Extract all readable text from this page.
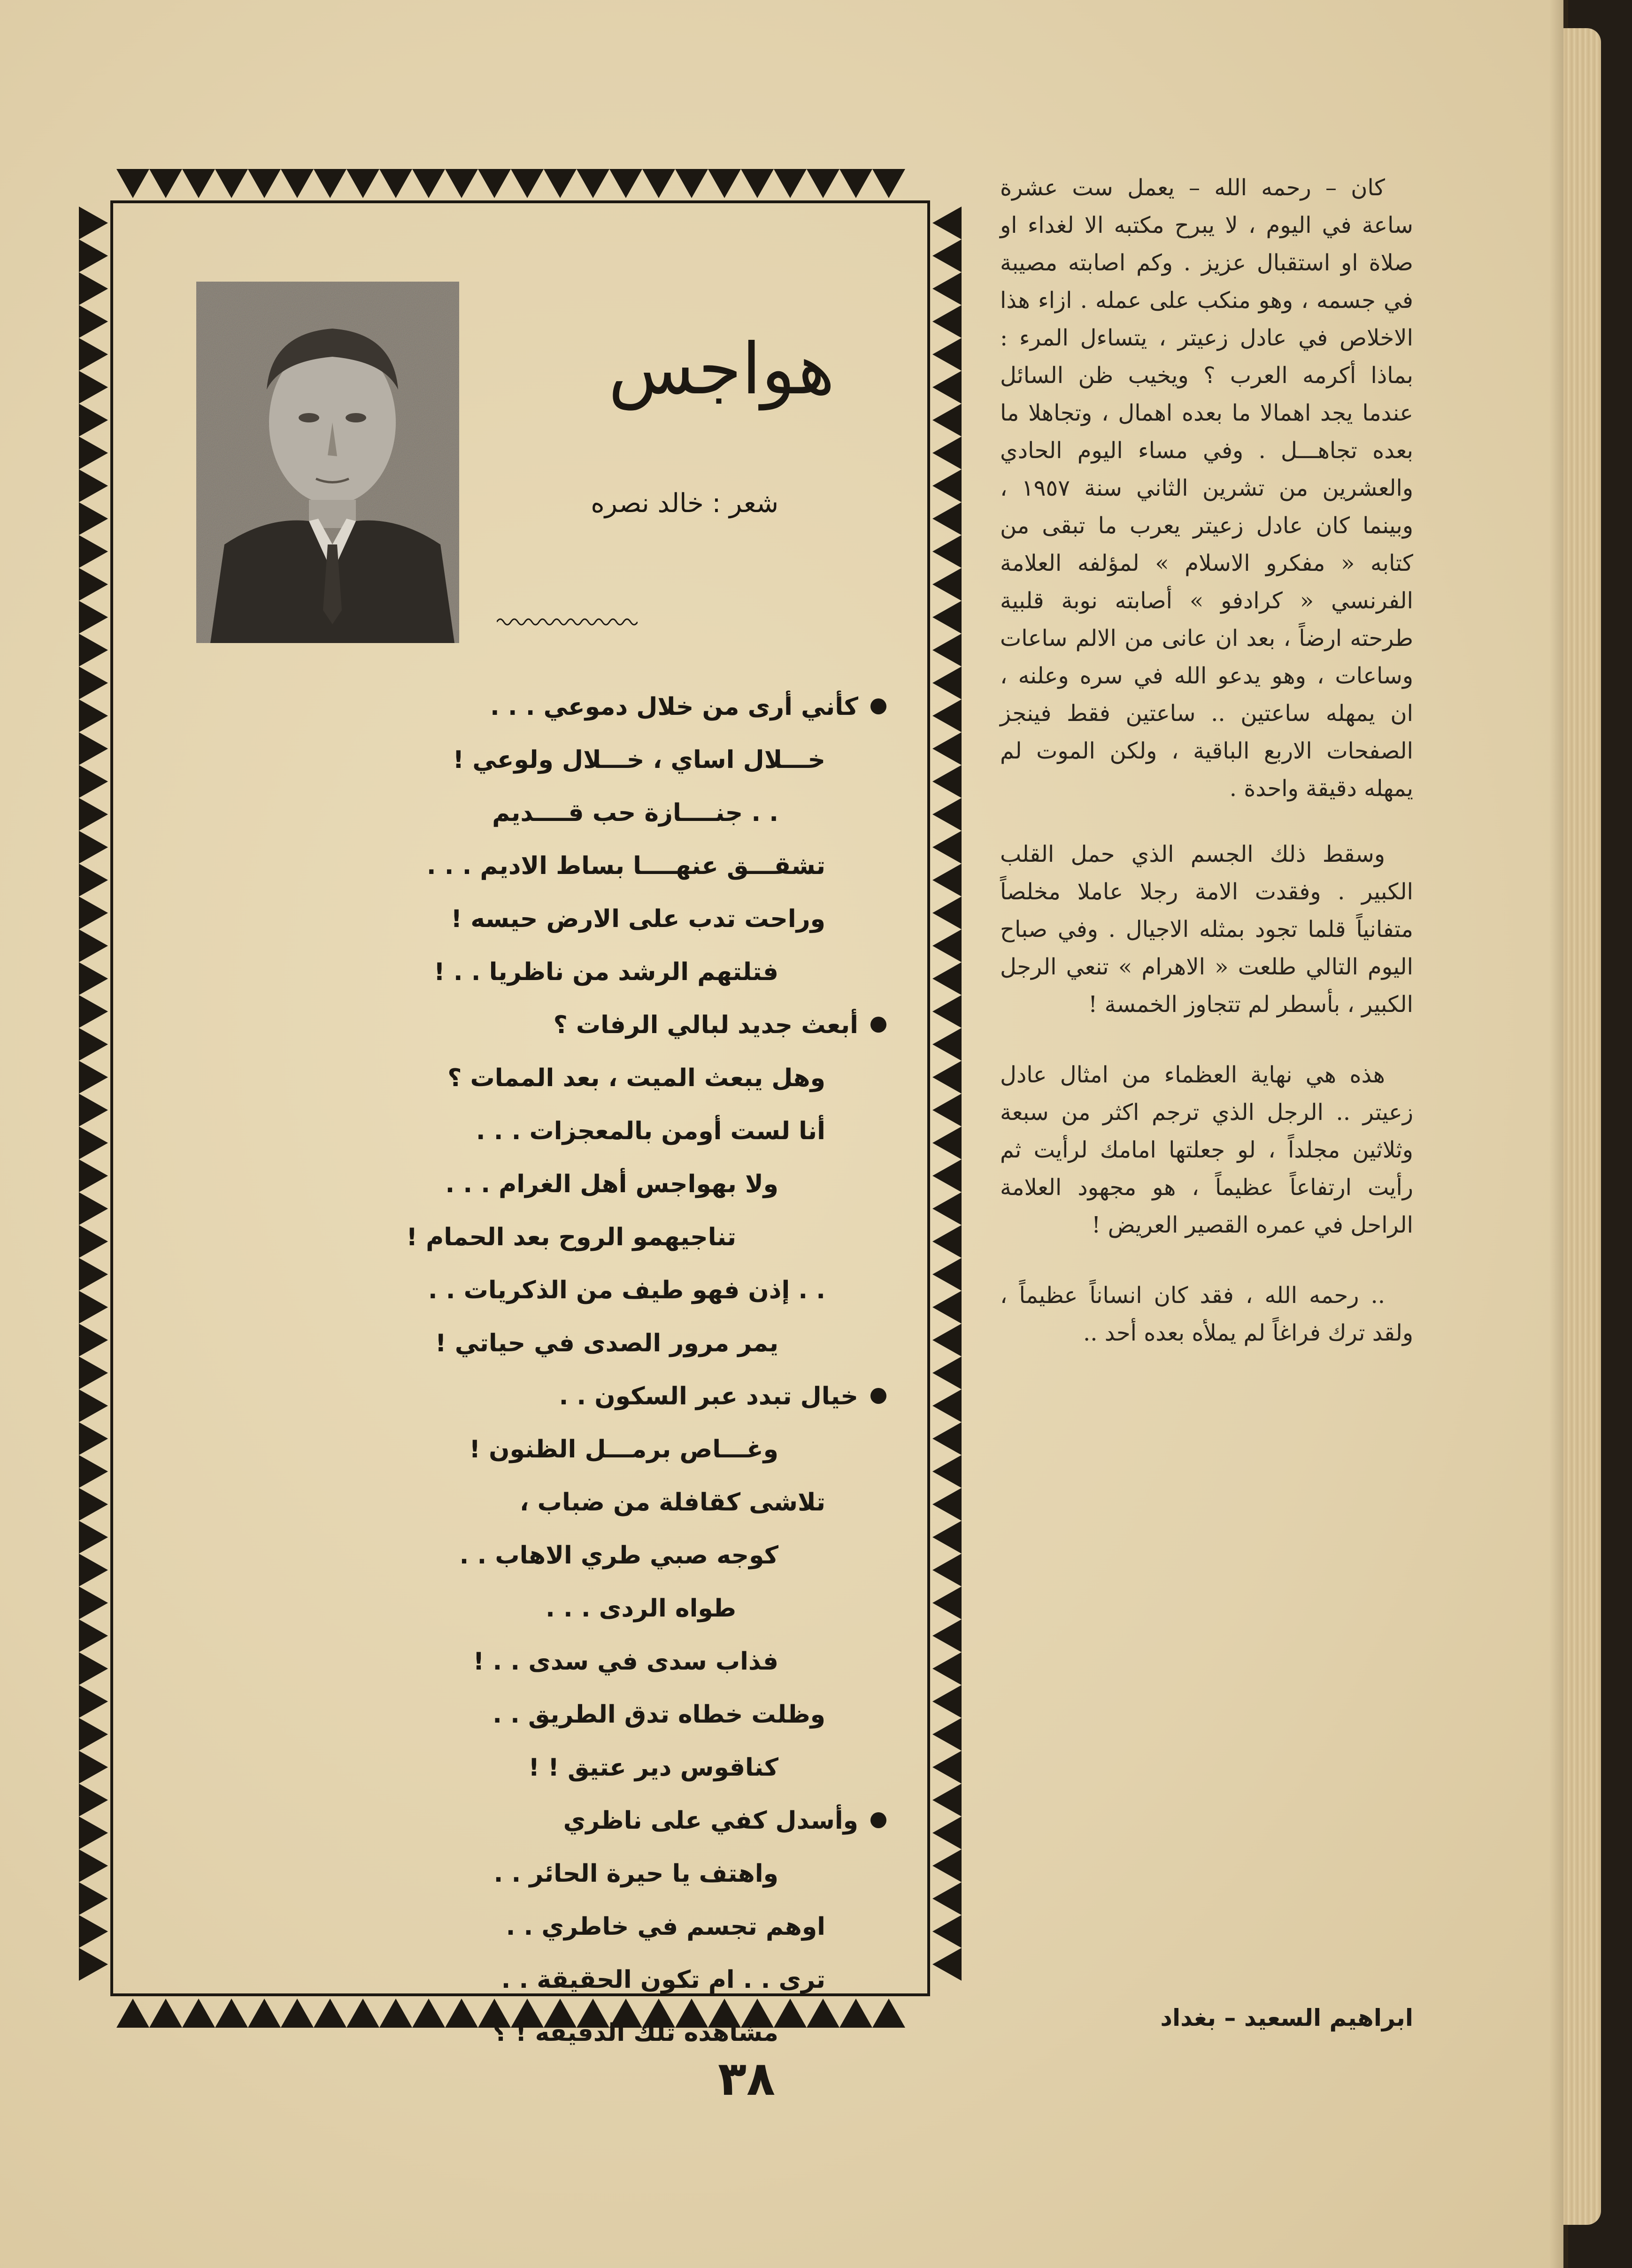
هواجس
شعر : خالد نصره
كأني أرى من خلال دموعي . . .
خـــلال اساي ، خـــلال ولوعي !
. . جنــــازة حب قــــديم
تشقـــق عنهــــا بساط الاديم . . .
وراحت تدب على الارض حيسه !
فتلتهم الرشد من ناظريا . . !
أبعث جديد لبالي الرفات ؟
وهل يبعث الميت ، بعد الممات ؟
أنا لست أومن بالمعجزات . . .
ولا بهواجس أهل الغرام . . .
تناجيهمو الروح بعد الحمام !
. . إذن فهو طيف من الذكريات . .
يمر مرور الصدى في حياتي !
خيال تبدد عبر السكون . .
وغـــاص برمـــل الظنون !
تلاشى كقافلة من ضباب ،
كوجه صبي طري الاهاب . .
طواه الردى . . .
فذاب سدى في سدى . . !
وظلت خطاه تدق الطريق . .
كناقوس دير عتيق ! !
وأسدل كفي على ناظري
واهتف يا حيرة الحائر . .
اوهم تجسم في خاطري . .
ترى . . ام تكون الحقيقة . .
مشاهده تلك الدقيقه ! ؟

كان – رحمه الله – يعمل ست عشرة ساعة في اليوم ، لا يبرح مكتبه الا لغداء او صلاة او استقبال عزيز . وكم اصابته مصيبة في جسمه ، وهو منكب على عمله . ازاء هذا الاخلاص في عادل زعيتر ، يتساءل المرء : بماذا أكرمه العرب ؟ ويخيب ظن السائل عندما يجد اهمالا ما بعده اهمال ، وتجاهلا ما بعده تجاهـــل . وفي مساء اليوم الحادي والعشرين من تشرين الثاني سنة ١٩٥٧ ، وبينما كان عادل زعيتر يعرب ما تبقى من كتابه « مفكرو الاسلام » لمؤلفه العلامة الفرنسي « كرادفو » أصابته نوبة قلبية طرحته ارضاً ، بعد ان عانى من الالم ساعات وساعات ، وهو يدعو الله في سره وعلنه ، ان يمهله ساعتين .. ساعتين فقط فينجز الصفحات الاربع الباقية ، ولكن الموت لم يمهله دقيقة واحدة .

وسقط ذلك الجسم الذي حمل القلب الكبير . وفقدت الامة رجلا عاملا مخلصاً متفانياً قلما تجود بمثله الاجيال . وفي صباح اليوم التالي طلعت « الاهرام » تنعي الرجل الكبير ، بأسطر لم تتجاوز الخمسة !

هذه هي نهاية العظماء من امثال عادل زعيتر .. الرجل الذي ترجم اكثر من سبعة وثلاثين مجلداً ، لو جعلتها امامك لرأيت ثم رأيت ارتفاعاً عظيماً ، هو مجهود العلامة الراحل في عمره القصير العريض !

.. رحمه الله ، فقد كان انساناً عظيماً ، ولقد ترك فراغاً لم يملأه بعده أحد ..

ابراهيم السعيد – بغداد
٣٨
